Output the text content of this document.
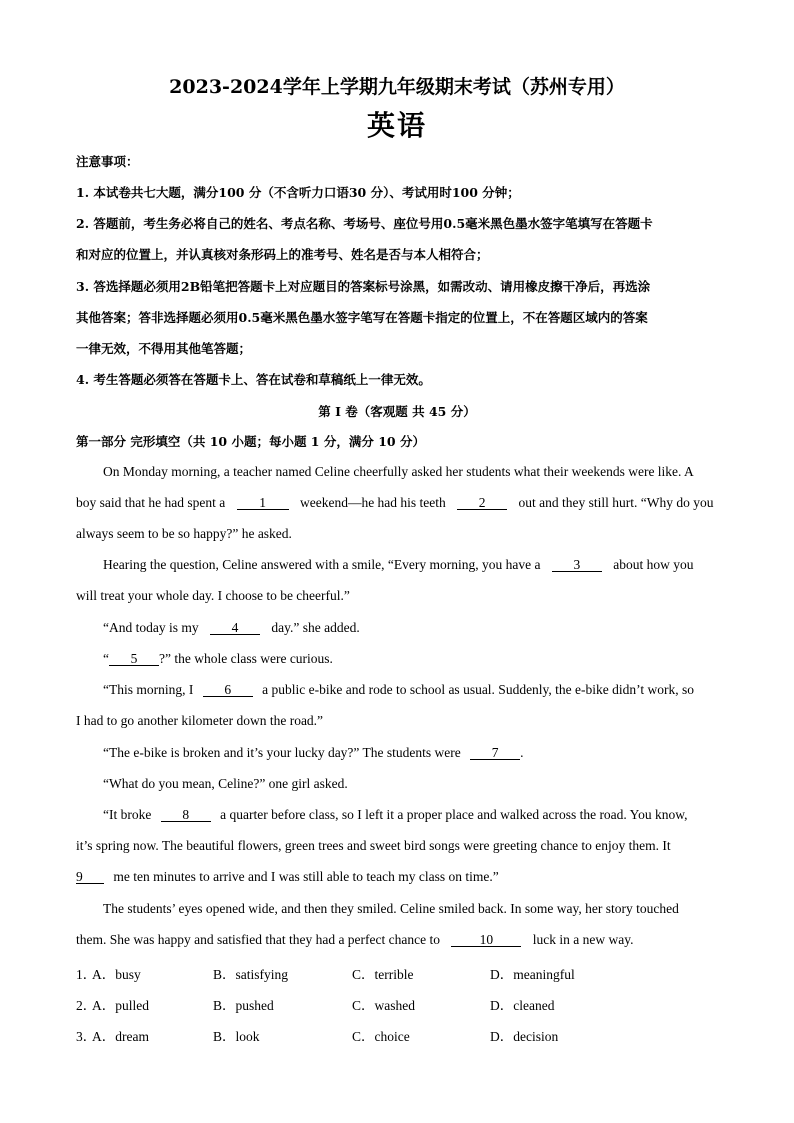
2023-2024学年上学期九年级期末考试（苏州专用）
英语
注意事项：
1. 本试卷共七大题，满分100 分（不含听力口语30 分）、考试用时100 分钟；
2. 答题前，考生务必将自己的姓名、考点名称、考场号、座位号用0.5毫米黑色墨水签字笔填写在答题卡
和对应的位置上，并认真核对条形码上的准考号、姓名是否与本人相符合；
3. 答选择题必须用2B铅笔把答题卡上对应题目的答案标号涂黑，如需改动、请用橡皮擦干净后，再选涂
其他答案；答非选择题必须用0.5毫米黑色墨水签字笔写在答题卡指定的位置上，不在答题区域内的答案
一律无效，不得用其他笔答题；
4. 考生答题必须答在答题卡上、答在试卷和草稿纸上一律无效。
第 I 卷（客观题 共 45 分）
第一部分 完形填空（共 10 小题；每小题 1 分，满分 10 分）
On Monday morning, a teacher named Celine cheerfully asked her students what their weekends were like. A
boy said that he had spent a	1	weekend—he had his teeth 2 out and they still hurt. “Why do you
always seem to be so happy?” he asked.
Hearing the question, Celine answered with a smile, “Every morning, you have a 3 about how you
will treat your whole day. I choose to be cheerful.”
“And today is my 4 day.” she added.
“ 5 ?” the whole class were curious.
“This morning, I 6 a public e-bike and rode to school as usual. Suddenly, the e-bike didn’t work, so
I had to go another kilometer down the road.”
“The e-bike is broken and it’s your lucky day?” The students were 7 .
“What do you mean, Celine?” one girl asked.
“It broke 8 a quarter before class, so I left it a proper place and walked across the road. You know,
it’s spring now. The beautiful flowers, green trees and sweet bird songs were greeting chance to enjoy them. It
9 me ten minutes to arrive and I was still able to teach my class on time.”
The students’ eyes opened wide, and then they smiled. Celine smiled back. In some way, her story touched
them. She was happy and satisfied that they had a perfect chance to	10	luck in a new way.
1．
A．busy	B．satisfying	C．terrible	D．meaningful
2．
A．pulled	B．pushed	C．washed	D．cleaned
3．
A．dream	B．look	C．choice	D．decision
